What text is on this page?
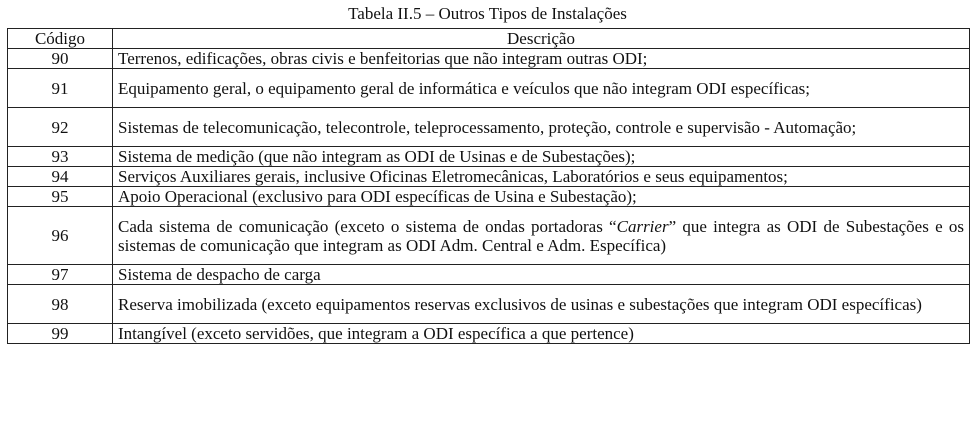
Tabela II.5 – Outros Tipos de Instalações
Código	Descrição
90	Terrenos, edificações, obras civis e benfeitorias que não integram outras ODI;
91	Equipamento geral, o equipamento geral de informática e veículos que não integram ODI específicas;
92	Sistemas de telecomunicação, telecontrole, teleprocessamento, proteção, controle e supervisão - Automação;
93	Sistema de medição (que não integram as ODI de Usinas e de Subestações);
94	Serviços Auxiliares gerais, inclusive Oficinas Eletromecânicas, Laboratórios e seus equipamentos;
95	Apoio Operacional (exclusivo para ODI específicas de Usina e Subestação);
96	Cada sistema de comunicação (exceto o sistema de ondas portadoras “Carrier” que integra as ODI de Subestações e os sistemas de comunicação que integram as ODI Adm. Central e Adm. Específica)
97	Sistema de despacho de carga
98	Reserva imobilizada (exceto equipamentos reservas exclusivos de usinas e subestações que integram ODI específicas)
99	Intangível (exceto servidões, que integram a ODI específica a que pertence)
